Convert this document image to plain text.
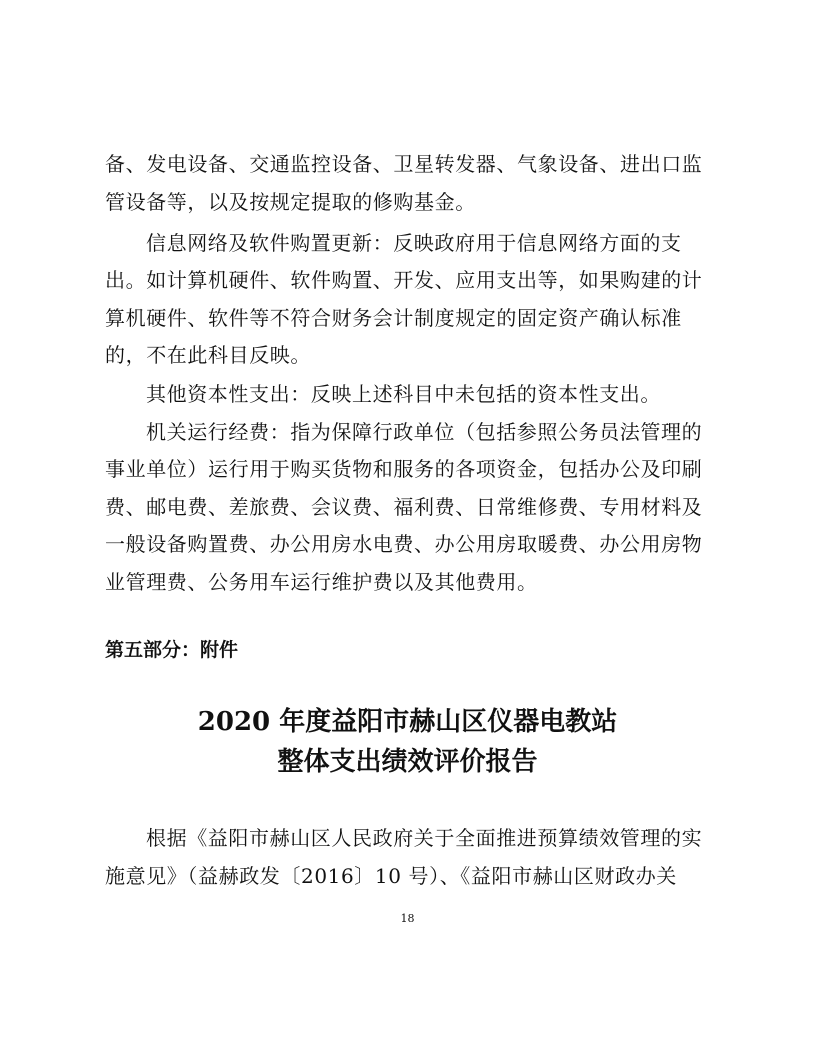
备、发电设备、交通监控设备、卫星转发器、气象设备、进出口监
管设备等，以及按规定提取的修购基金。
信息网络及软件购置更新：反映政府用于信息网络方面的支
出。如计算机硬件、软件购置、开发、应用支出等，如果购建的计
算机硬件、软件等不符合财务会计制度规定的固定资产确认标准
的，不在此科目反映。
其他资本性支出：反映上述科目中未包括的资本性支出。
机关运行经费：指为保障行政单位（包括参照公务员法管理的
事业单位）运行用于购买货物和服务的各项资金，包括办公及印刷
费、邮电费、差旅费、会议费、福利费、日常维修费、专用材料及
一般设备购置费、办公用房水电费、办公用房取暖费、办公用房物
业管理费、公务用车运行维护费以及其他费用。
第五部分：附件
2020 年度益阳市赫山区仪器电教站
整体支出绩效评价报告
根据《益阳市赫山区人民政府关于全面推进预算绩效管理的实
施意见》（益赫政发〔2016〕10 号）、《益阳市赫山区财政办关
18
